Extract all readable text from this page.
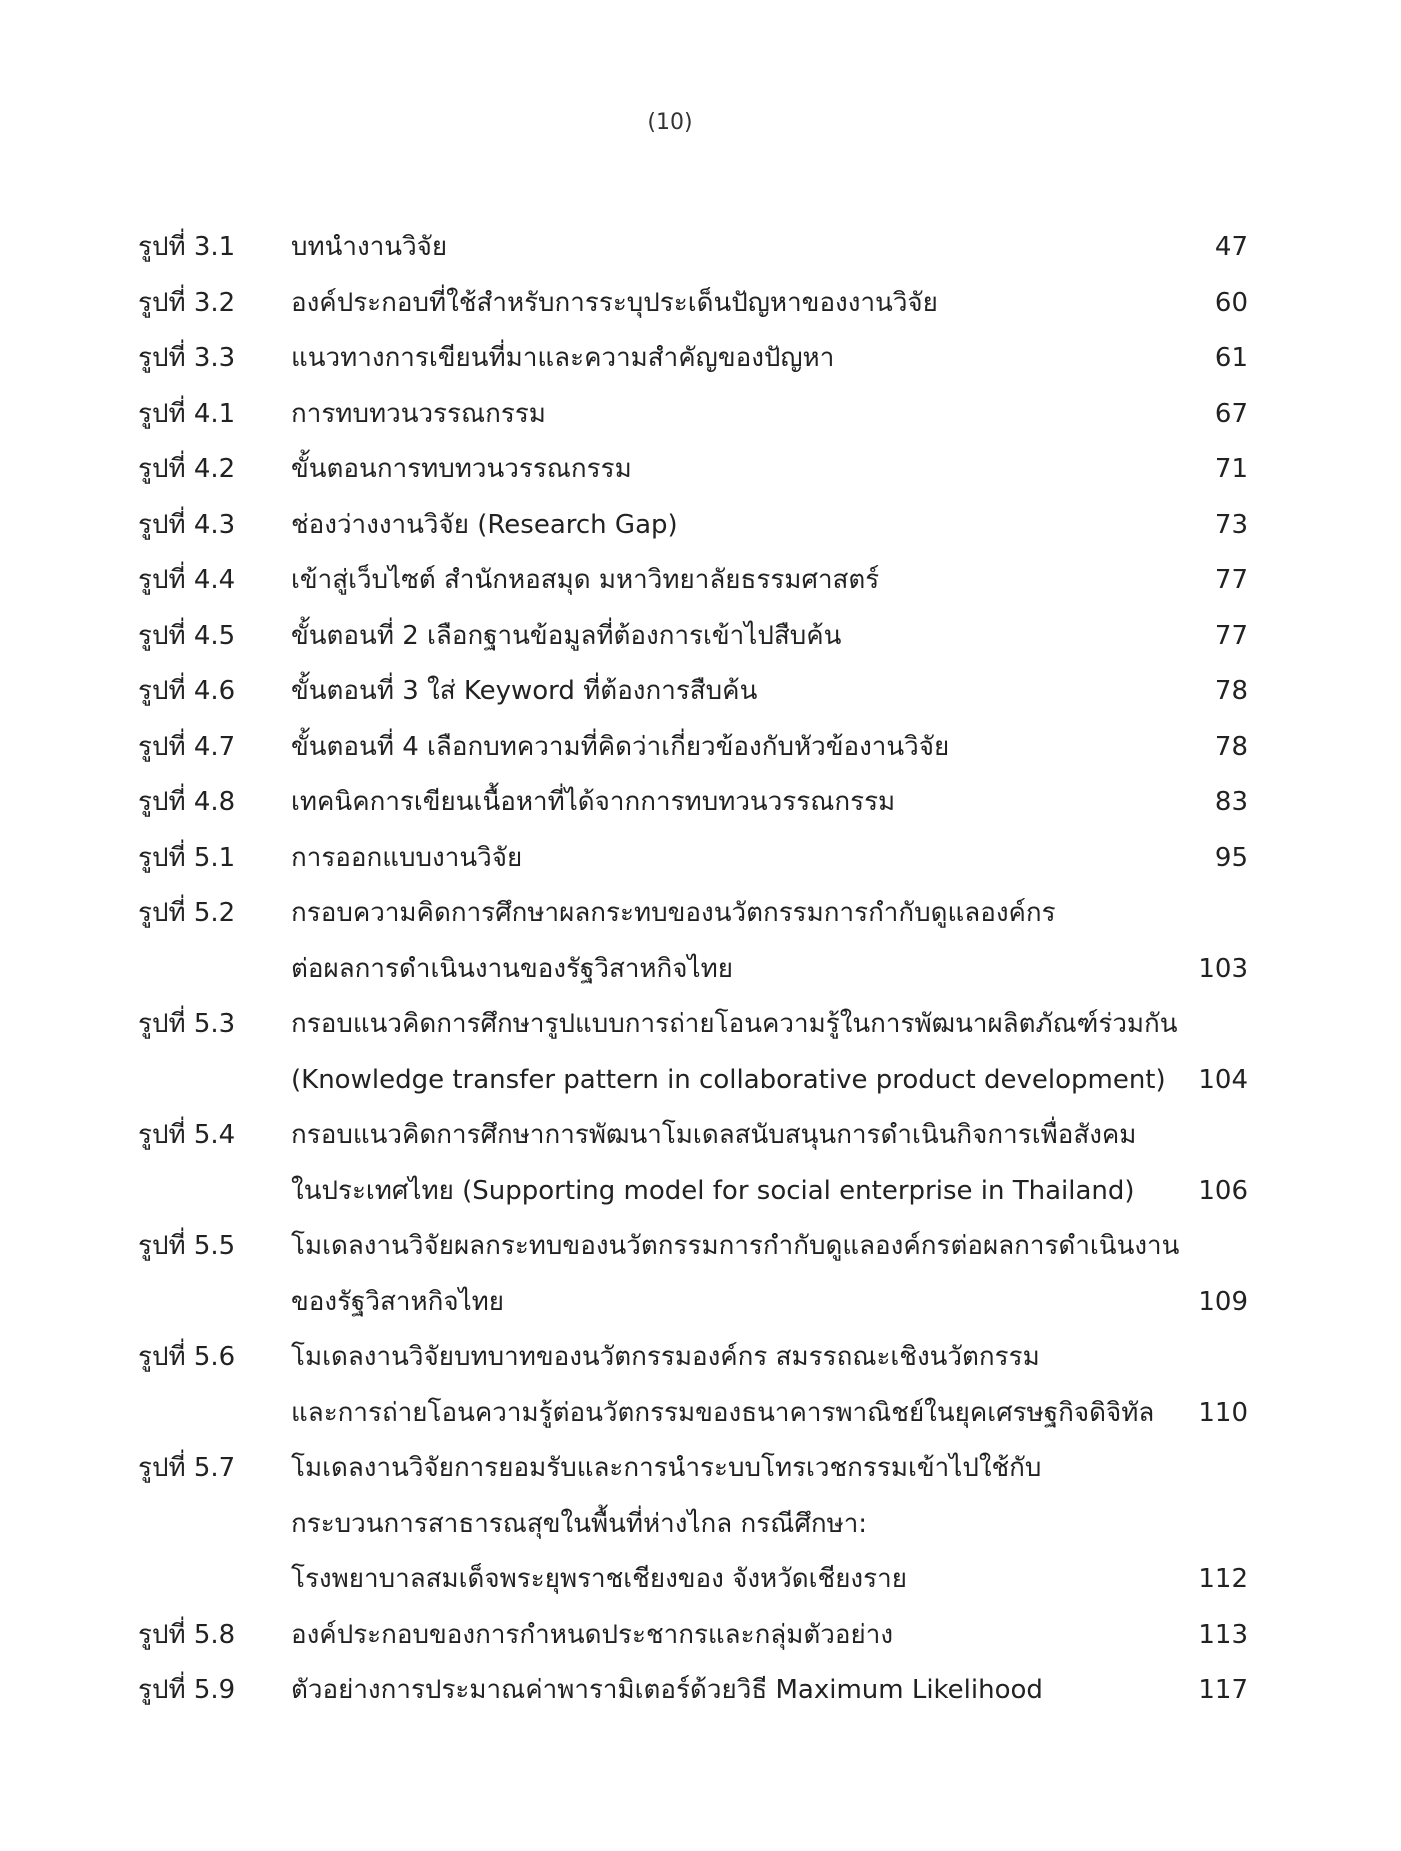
(10)
รูปที่ 3.1	บทนำงานวิจัย	47
รูปที่ 3.2	องค์ประกอบที่ใช้สำหรับการระบุประเด็นปัญหาของงานวิจัย	60
รูปที่ 3.3	แนวทางการเขียนที่มาและความสำคัญของปัญหา	61
รูปที่ 4.1	การทบทวนวรรณกรรม	67
รูปที่ 4.2	ขั้นตอนการทบทวนวรรณกรรม	71
รูปที่ 4.3	ช่องว่างงานวิจัย (Research Gap)	73
รูปที่ 4.4	เข้าสู่เว็บไซต์ สำนักหอสมุด มหาวิทยาลัยธรรมศาสตร์	77
รูปที่ 4.5	ขั้นตอนที่ 2 เลือกฐานข้อมูลที่ต้องการเข้าไปสืบค้น	77
รูปที่ 4.6	ขั้นตอนที่ 3 ใส่ Keyword ที่ต้องการสืบค้น	78
รูปที่ 4.7	ขั้นตอนที่ 4 เลือกบทความที่คิดว่าเกี่ยวข้องกับหัวข้องานวิจัย	78
รูปที่ 4.8	เทคนิคการเขียนเนื้อหาที่ได้จากการทบทวนวรรณกรรม	83
รูปที่ 5.1	การออกแบบงานวิจัย	95
รูปที่ 5.2	กรอบความคิดการศึกษาผลกระทบของนวัตกรรมการกำกับดูแลองค์กร
ต่อผลการดำเนินงานของรัฐวิสาหกิจไทย	103
รูปที่ 5.3	กรอบแนวคิดการศึกษารูปแบบการถ่ายโอนความรู้ในการพัฒนาผลิตภัณฑ์ร่วมกัน
(Knowledge transfer pattern in collaborative product development)	104
รูปที่ 5.4	กรอบแนวคิดการศึกษาการพัฒนาโมเดลสนับสนุนการดำเนินกิจการเพื่อสังคม
ในประเทศไทย (Supporting model for social enterprise in Thailand)	106
รูปที่ 5.5	โมเดลงานวิจัยผลกระทบของนวัตกรรมการกำกับดูแลองค์กรต่อผลการดำเนินงาน
ของรัฐวิสาหกิจไทย	109
รูปที่ 5.6	โมเดลงานวิจัยบทบาทของนวัตกรรมองค์กร สมรรถณะเชิงนวัตกรรม
และการถ่ายโอนความรู้ต่อนวัตกรรมของธนาคารพาณิชย์ในยุคเศรษฐกิจดิจิทัล	110
รูปที่ 5.7	โมเดลงานวิจัยการยอมรับและการนำระบบโทรเวชกรรมเข้าไปใช้กับ
กระบวนการสาธารณสุขในพื้นที่ห่างไกล กรณีศึกษา:
โรงพยาบาลสมเด็จพระยุพราชเชียงของ จังหวัดเชียงราย	112
รูปที่ 5.8	องค์ประกอบของการกำหนดประชากรและกลุ่มตัวอย่าง	113
รูปที่ 5.9	ตัวอย่างการประมาณค่าพารามิเตอร์ด้วยวิธี Maximum Likelihood	117
